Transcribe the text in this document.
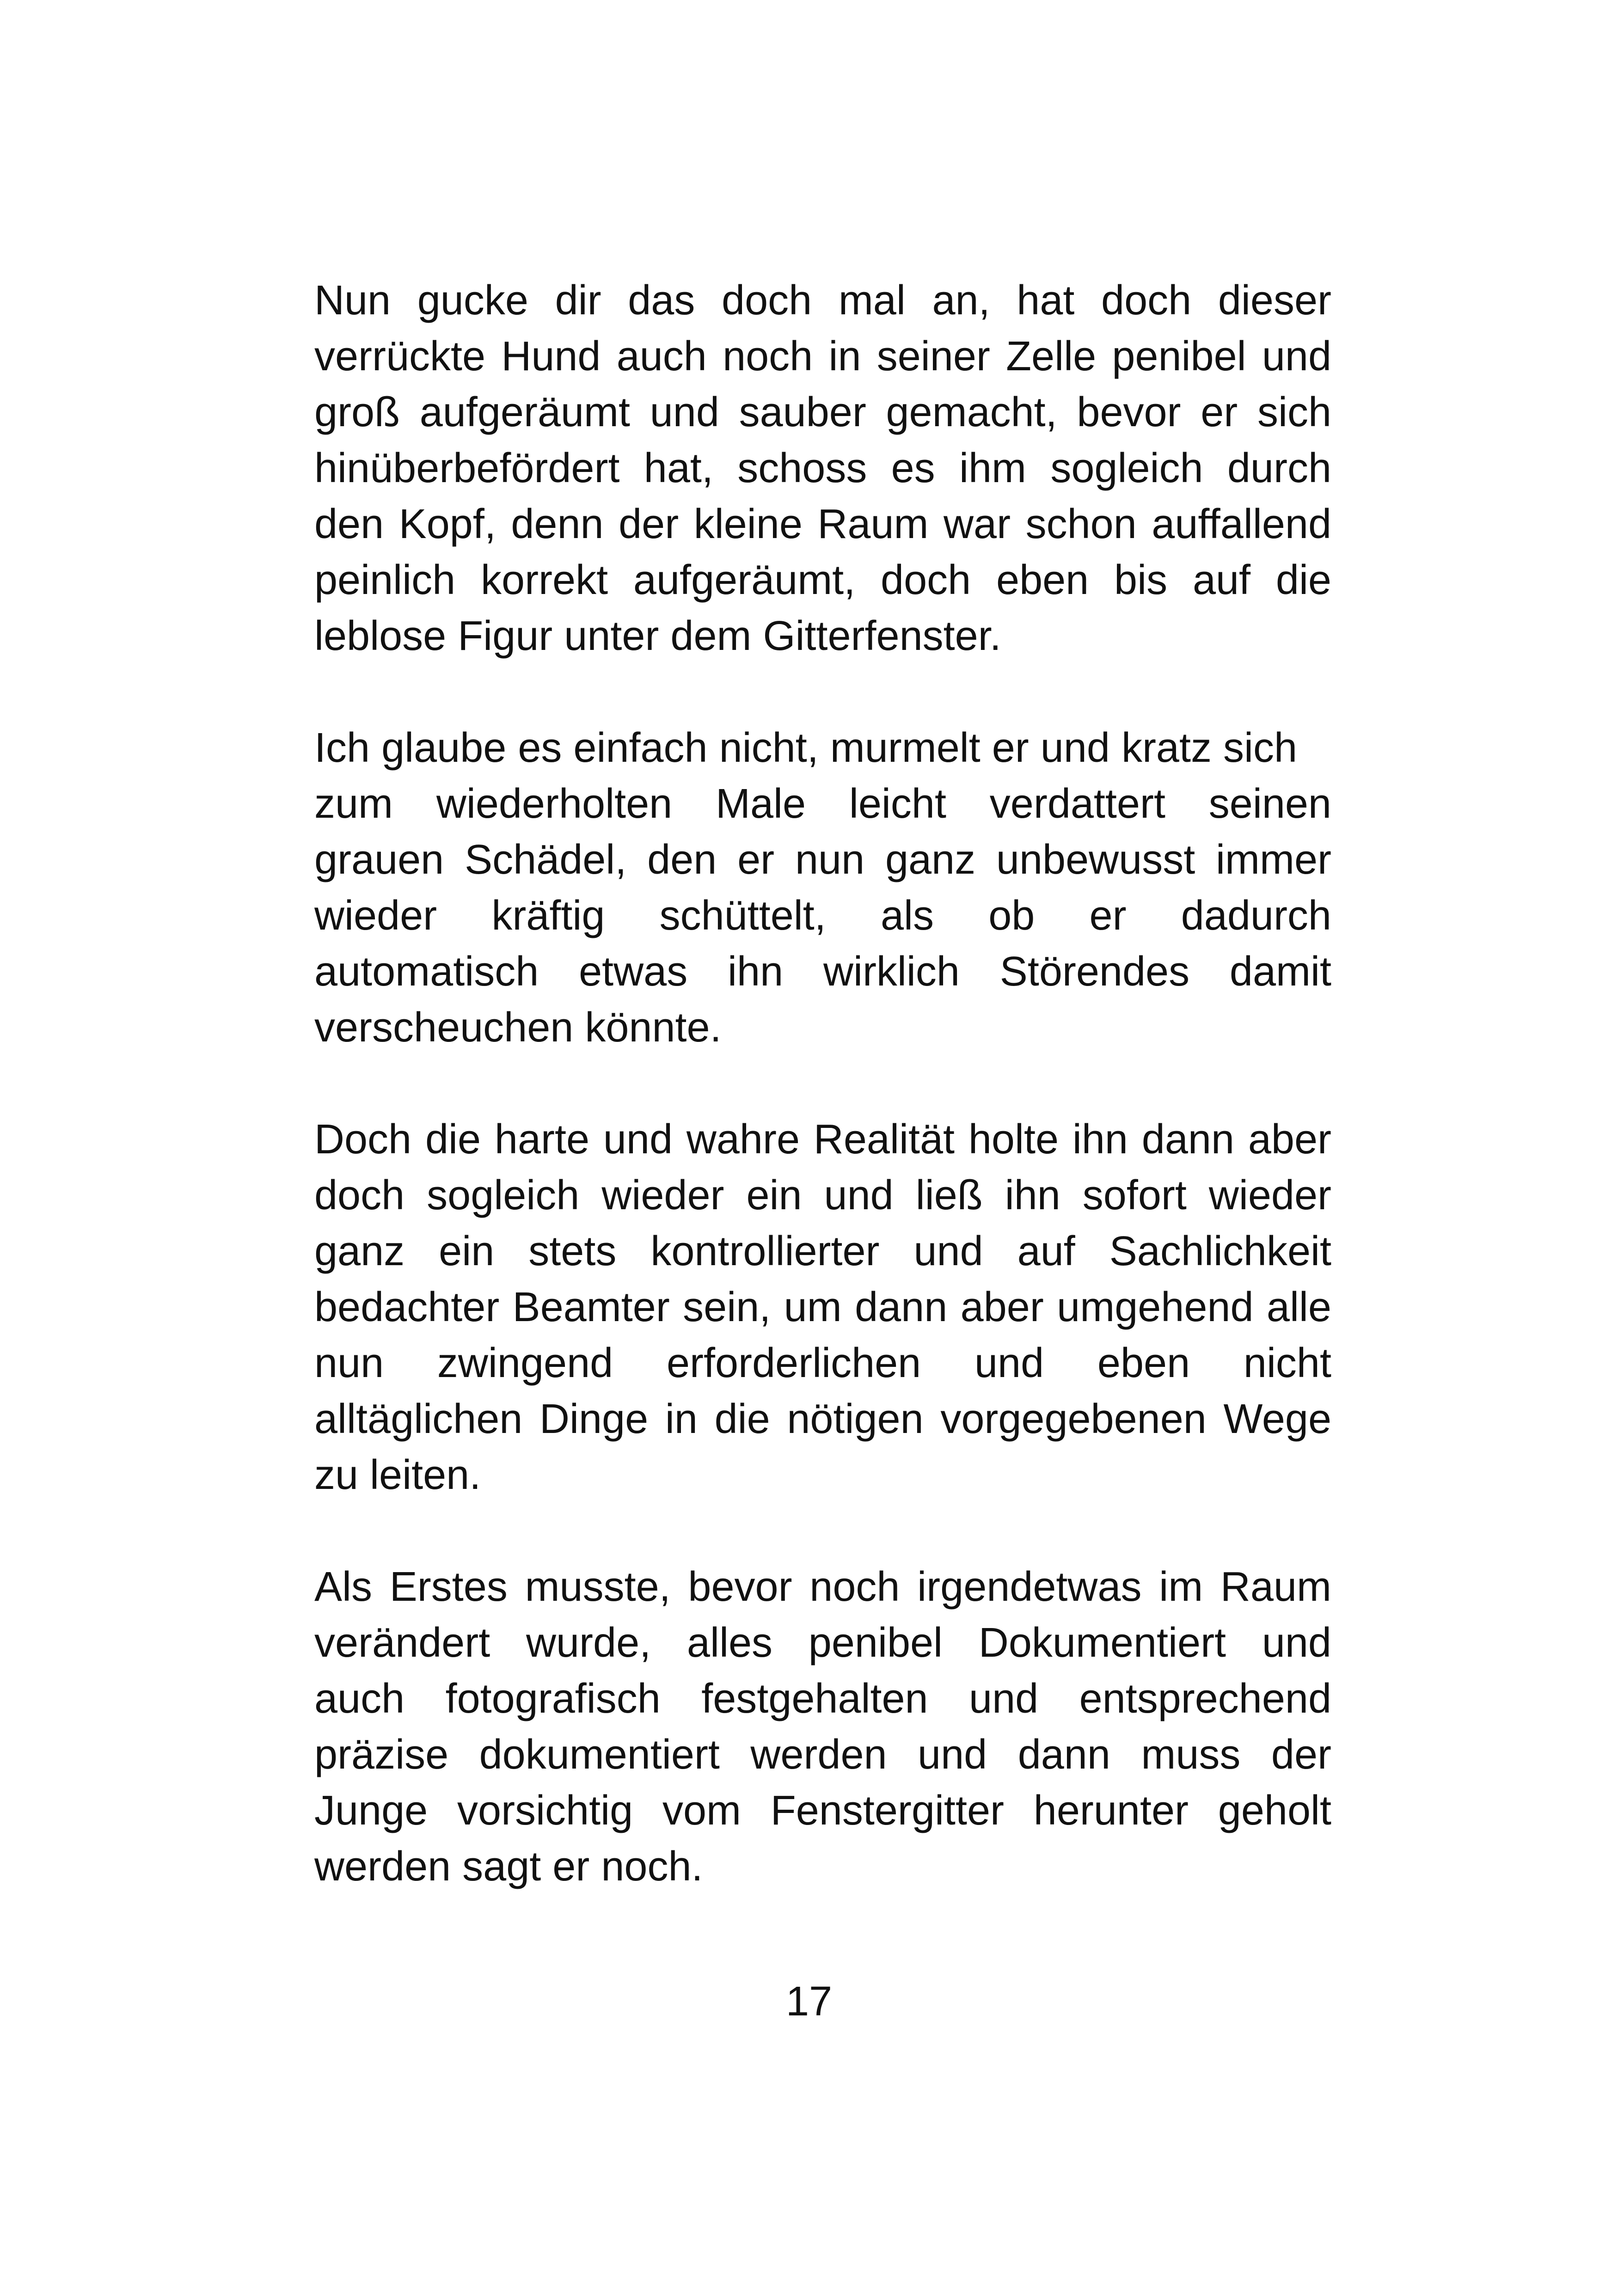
Nun gucke dir das doch mal an, hat doch dieser
verrückte Hund auch noch in seiner Zelle penibel und
groß aufgeräumt und sauber gemacht, bevor er sich
hinüberbefördert hat, schoss es ihm sogleich durch
den Kopf, denn der kleine Raum war schon auffallend
peinlich korrekt aufgeräumt, doch eben bis auf die
leblose Figur unter dem Gitterfenster.
Ich glaube es einfach nicht, murmelt er und kratz sich
zum wiederholten Male leicht verdattert seinen
grauen Schädel, den er nun ganz unbewusst immer
wieder kräftig schüttelt, als ob er dadurch
automatisch etwas ihn wirklich Störendes damit
verscheuchen könnte.
Doch die harte und wahre Realität holte ihn dann aber
doch sogleich wieder ein und ließ ihn sofort wieder
ganz ein stets kontrollierter und auf Sachlichkeit
bedachter Beamter sein, um dann aber umgehend alle
nun zwingend erforderlichen und eben nicht
alltäglichen Dinge in die nötigen vorgegebenen Wege
zu leiten.
Als Erstes musste, bevor noch irgendetwas im Raum
verändert wurde, alles penibel Dokumentiert und
auch fotografisch festgehalten und entsprechend
präzise dokumentiert werden und dann muss der
Junge vorsichtig vom Fenstergitter herunter geholt
werden sagt er noch.
17
